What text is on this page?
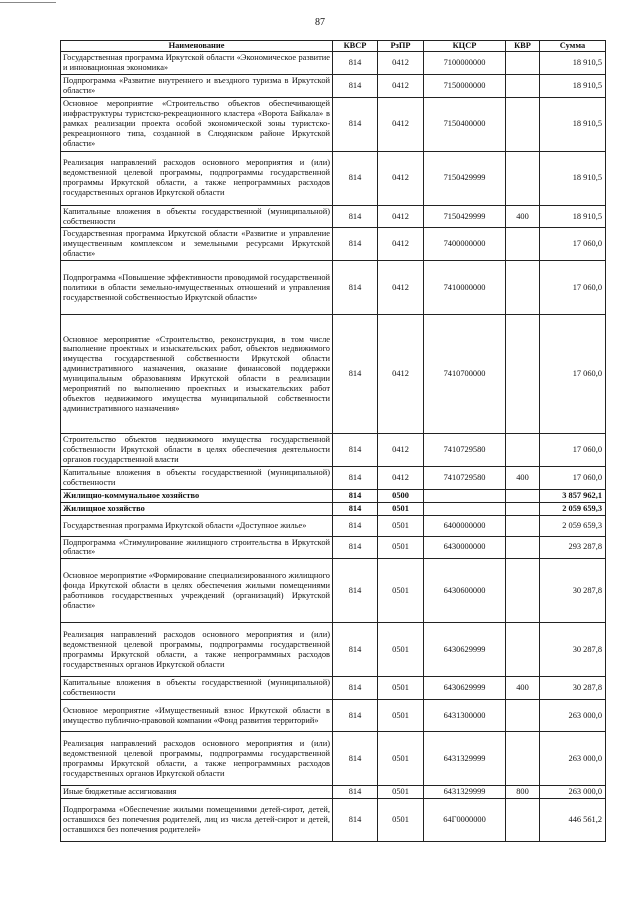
87
Наименование	КВСР	РзПР	КЦСР	КВР	Сумма
Государственная программа Иркутской области «Экономическое развитие и инновационная экономика»	814	0412	7100000000		18 910,5
Подпрограмма «Развитие внутреннего и въездного туризма в Иркутской области»	814	0412	7150000000		18 910,5
Основное мероприятие «Строительство объектов обеспечивающей инфраструктуры туристско-рекреационного кластера «Ворота Байкала» в рамках реализации проекта особой экономической зоны туристско-рекреационного типа, созданной в Слюдянском районе Иркутской области»	814	0412	7150400000		18 910,5
Реализация направлений расходов основного мероприятия и (или) ведомственной целевой программы, подпрограммы государственной программы Иркутской области, а также непрограммных расходов государственных органов Иркутской области	814	0412	7150429999		18 910,5
Капитальные вложения в объекты государственной (муниципальной) собственности	814	0412	7150429999	400	18 910,5
Государственная программа Иркутской области «Развитие и управление имущественным комплексом и земельными ресурсами Иркутской области»	814	0412	7400000000		17 060,0
Подпрограмма «Повышение эффективности проводимой государственной политики в области земельно-имущественных отношений и управления государственной собственностью Иркутской области»	814	0412	7410000000		17 060,0
Основное мероприятие «Строительство, реконструкция, в том числе выполнение проектных и изыскательских работ, объектов недвижимого имущества государственной собственности Иркутской области административного назначения, оказание финансовой поддержки муниципальным образованиям Иркутской области в реализации мероприятий по выполнению проектных и изыскательских работ объектов недвижимого имущества муниципальной собственности административного назначения»	814	0412	7410700000		17 060,0
Строительство объектов недвижимого имущества государственной собственности Иркутской области в целях обеспечения деятельности органов государственной власти	814	0412	7410729580		17 060,0
Капитальные вложения в объекты государственной (муниципальной) собственности	814	0412	7410729580	400	17 060,0
Жилищно-коммунальное хозяйство	814	0500			3 857 962,1
Жилищное хозяйство	814	0501			2 059 659,3
Государственная программа Иркутской области «Доступное жилье»	814	0501	6400000000		2 059 659,3
Подпрограмма «Стимулирование жилищного строительства в Иркутской области»	814	0501	6430000000		293 287,8
Основное мероприятие «Формирование специализированного жилищного фонда Иркутской области в целях обеспечения жилыми помещениями работников государственных учреждений (организаций) Иркутской области»	814	0501	6430600000		30 287,8
Реализация направлений расходов основного мероприятия и (или) ведомственной целевой программы, подпрограммы государственной программы Иркутской области, а также непрограммных расходов государственных органов Иркутской области	814	0501	6430629999		30 287,8
Капитальные вложения в объекты государственной (муниципальной) собственности	814	0501	6430629999	400	30 287,8
Основное мероприятие «Имущественный взнос Иркутской области в имущество публично-правовой компании «Фонд развития территорий»	814	0501	6431300000		263 000,0
Реализация направлений расходов основного мероприятия и (или) ведомственной целевой программы, подпрограммы государственной программы Иркутской области, а также непрограммных расходов государственных органов Иркутской области	814	0501	6431329999		263 000,0
Иные бюджетные ассигнования	814	0501	6431329999	800	263 000,0
Подпрограмма «Обеспечение жилыми помещениями детей-сирот, детей, оставшихся без попечения родителей, лиц из числа детей-сирот и детей, оставшихся без попечения родителей»	814	0501	64Г0000000		446 561,2
